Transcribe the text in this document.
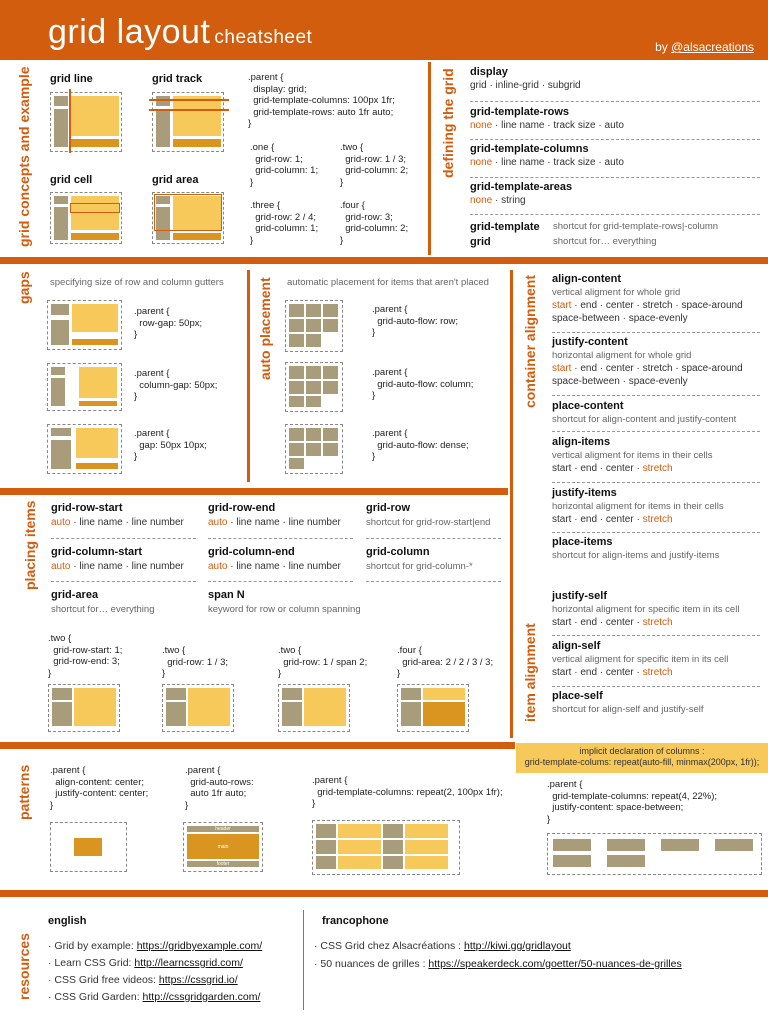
grid layout cheatsheet	by @alsacreations
grid concepts and example	defining the grid
gaps	auto placement	container alignment
placing items
item alignment
patterns
resources
grid line	grid track
grid cell	grid area
.parent {
display: grid;
grid-template-columns: 100px 1fr;
grid-template-rows: auto 1fr auto;
}
.one {
grid-row: 1;
grid-column: 1;
}
.two {
grid-row: 1 / 3;
grid-column: 2;
}
.three {
grid-row: 2 / 4;
grid-column: 1;
}
.four {
grid-row: 3;
grid-column: 2;
}
display
grid · inline-grid · subgrid
grid-template-rows
none · line name · track size · auto
grid-template-columns
none · line name · track size · auto
grid-template-areas
none · string
grid-template shortcut for grid-template-rows|-column
grid	shortcut for… everything
specifying size of row and column gutters
.parent {
row-gap: 50px;
}
.parent {
column-gap: 50px;
}
.parent {
gap: 50px 10px;
}
automatic placement for items that aren't placed
.parent {
grid-auto-flow: row;
}
.parent {
grid-auto-flow: column;
}
.parent {
grid-auto-flow: dense;
}
align-content
vertical aligment for whole grid
start · end · center · stretch · space-around
space-between · space-evenly
justify-content
horizontal aligment for whole grid
start · end · center · stretch · space-around
space-between · space-evenly
place-content
shortcut for align-content and justify-content
align-items
vertical aligment for items in their cells
start · end · center · stretch
justify-items
horizontal aligment for items in their cells
start · end · center · stretch
place-items
shortcut for align-items and justify-items
justify-self
horizontal aligment for specific item in its cell
start · end · center · stretch
align-self
vertical aligment for specific item in its cell
start · end · center · stretch
place-self
shortcut for align-self and justify-self
grid-row-start
auto · line name · line number
grid-row-end
auto · line name · line number
grid-row
shortcut for grid-row-start|end
grid-column-start
auto · line name · line number
grid-column-end
auto · line name · line number
grid-column
shortcut for grid-column-*
grid-area
shortcut for… everything
span N
keyword for row or column spanning
.two {
grid-row-start: 1;
grid-row-end: 3;
}
.two {
grid-row: 1 / 3;
}
.two {
grid-row: 1 / span 2;
}
.four {
grid-area: 2 / 2 / 3 / 3;
}
.parent {
align-content: center;
justify-content: center;
}
.parent {
grid-auto-rows:
auto 1fr auto;
}
.parent {
grid-template-columns: repeat(2, 100px 1fr);
}
header
main
footer
implicit declaration of columns :
grid-template-colums: repeat(auto-fill, minmax(200px, 1fr));
.parent {
grid-template-columns: repeat(4, 22%);
justify-content: space-between;
}
english	francophone
· Grid by example: https://gridbyexample.com/
· Learn CSS Grid: http://learncssgrid.com/
· CSS Grid free videos: https://cssgrid.io/
· CSS Grid Garden: http://cssgridgarden.com/
· CSS Grid chez Alsacréations : http://kiwi.gg/gridlayout
· 50 nuances de grilles : https://speakerdeck.com/goetter/50-nuances-de-grilles
